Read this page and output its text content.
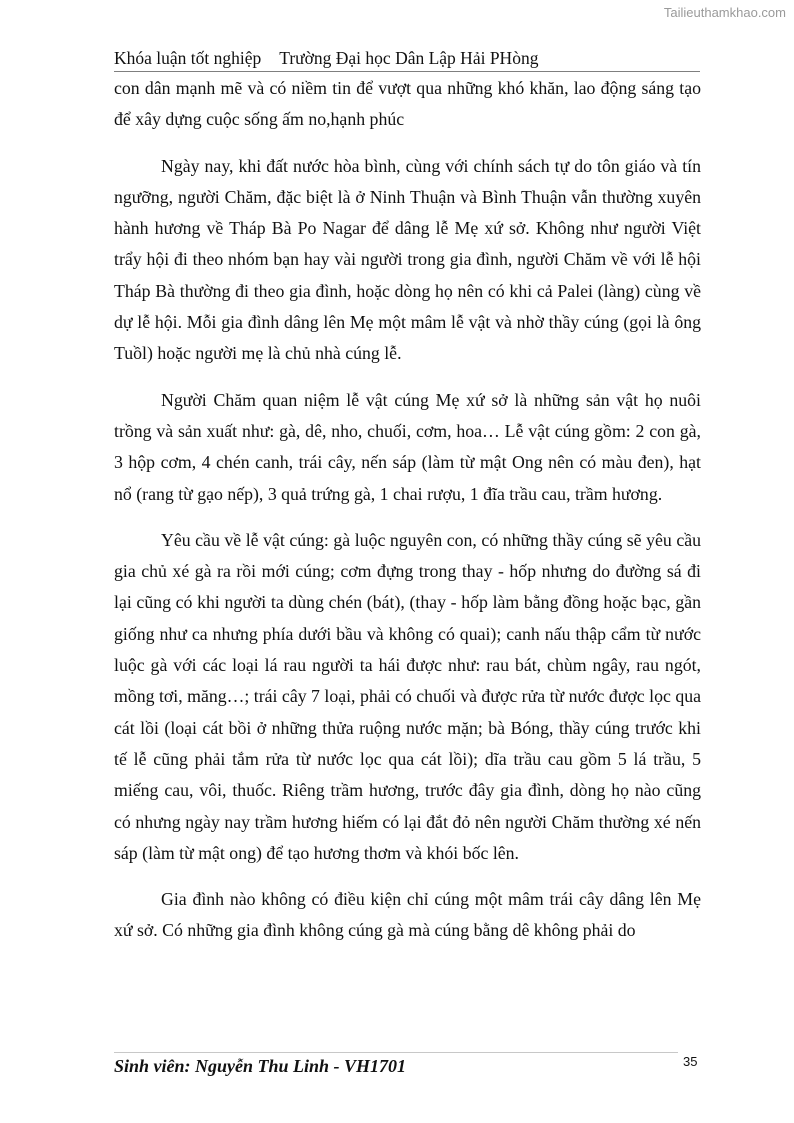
Tailieuthamkhao.com
Khóa luận tốt nghiệp Trường Đại học Dân Lập Hải PHòng

con dân mạnh mẽ và có niềm tin để vượt qua những khó khăn, lao động sáng tạo để xây dựng cuộc sống ấm no,hạnh phúc

Ngày nay, khi đất nước hòa bình, cùng với chính sách tự do tôn giáo và tín ngưỡng, người Chăm, đặc biệt là ở Ninh Thuận và Bình Thuận vẫn thường xuyên hành hương về Tháp Bà Po Nagar để dâng lễ Mẹ xứ sở. Không như người Việt trẩy hội đi theo nhóm bạn hay vài người trong gia đình, người Chăm về với lễ hội Tháp Bà thường đi theo gia đình, hoặc dòng họ nên có khi cả Palei (làng) cùng về dự lễ hội. Mỗi gia đình dâng lên Mẹ một mâm lễ vật và nhờ thầy cúng (gọi là ông Tuồl) hoặc người mẹ là chủ nhà cúng lễ.

Người Chăm quan niệm lễ vật cúng Mẹ xứ sở là những sản vật họ nuôi trồng và sản xuất như: gà, dê, nho, chuối, cơm, hoa… Lễ vật cúng gồm: 2 con gà, 3 hộp cơm, 4 chén canh, trái cây, nến sáp (làm từ mật Ong nên có màu đen), hạt nổ (rang từ gạo nếp), 3 quả trứng gà, 1 chai rượu, 1 đĩa trầu cau, trầm hương.

Yêu cầu về lễ vật cúng: gà luộc nguyên con, có những thầy cúng sẽ yêu cầu gia chủ xé gà ra rồi mới cúng; cơm đựng trong thay - hốp nhưng do đường sá đi lại cũng có khi người ta dùng chén (bát), (thay - hốp làm bằng đồng hoặc bạc, gần giống như ca nhưng phía dưới bầu và không có quai); canh nấu thập cẩm từ nước luộc gà với các loại lá rau người ta hái được như: rau bát, chùm ngây, rau ngót, mồng tơi, măng…; trái cây 7 loại, phải có chuối và được rửa từ nước được lọc qua cát lồi (loại cát bồi ở những thửa ruộng nước mặn; bà Bóng, thầy cúng trước khi tế lễ cũng phải tắm rửa từ nước lọc qua cát lồi); dĩa trầu cau gồm 5 lá trầu, 5 miếng cau, vôi, thuốc. Riêng trầm hương, trước đây gia đình, dòng họ nào cũng có nhưng ngày nay trầm hương hiếm có lại đắt đỏ nên người Chăm thường xé nến sáp (làm từ mật ong) để tạo hương thơm và khói bốc lên.

Gia đình nào không có điều kiện chỉ cúng một mâm trái cây dâng lên Mẹ xứ sở. Có những gia đình không cúng gà mà cúng bằng dê không phải do

Sinh viên: Nguyễn Thu Linh - VH1701	35
